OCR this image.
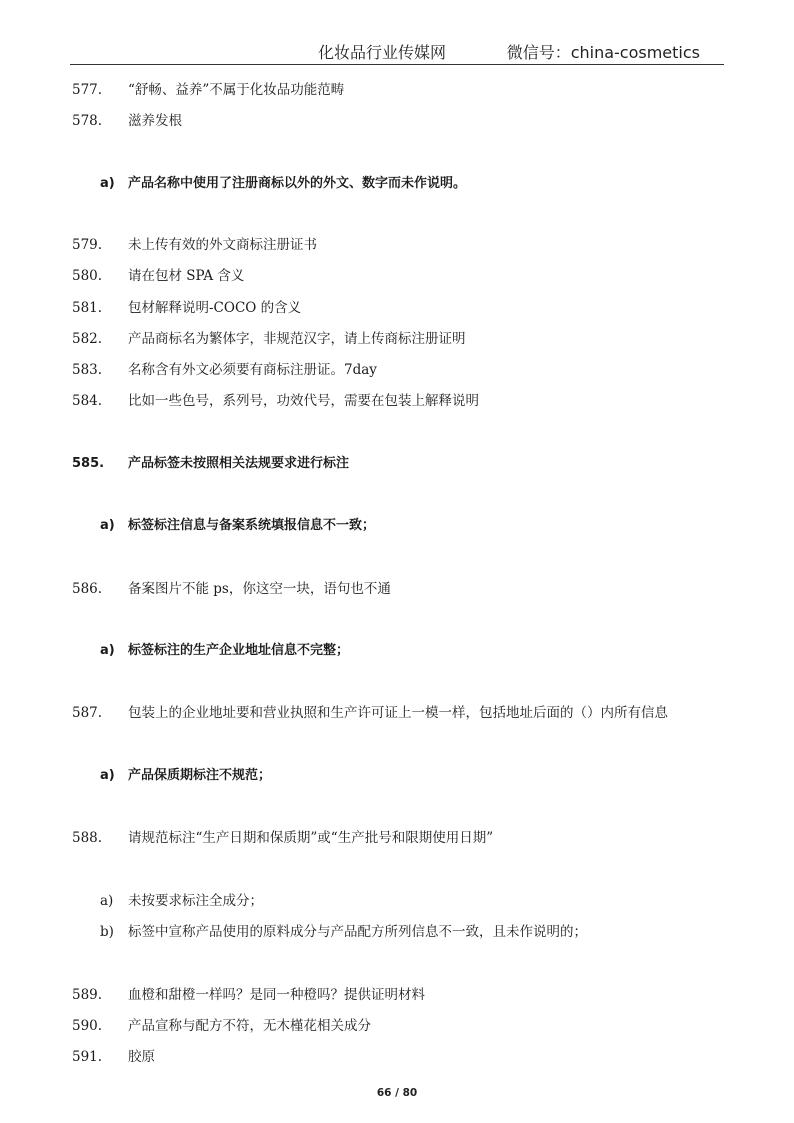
化妆品行业传媒网	微信号：china-cosmetics
577. “舒畅、益养”不属于化妆品功能范畴
578. 滋养发根
a) 产品名称中使用了注册商标以外的外文、数字而未作说明。
579. 未上传有效的外文商标注册证书
580. 请在包材 SPA 含义
581. 包材解释说明-COCO 的含义
582. 产品商标名为繁体字，非规范汉字，请上传商标注册证明
583. 名称含有外文必须要有商标注册证。7day
584. 比如一些色号，系列号，功效代号，需要在包装上解释说明
585. 产品标签未按照相关法规要求进行标注
a) 标签标注信息与备案系统填报信息不一致；
586. 备案图片不能 ps，你这空一块，语句也不通
a) 标签标注的生产企业地址信息不完整；
587. 包装上的企业地址要和营业执照和生产许可证上一模一样，包括地址后面的（）内所有信息
a) 产品保质期标注不规范；
588. 请规范标注“生产日期和保质期”或“生产批号和限期使用日期”
a) 未按要求标注全成分；
b) 标签中宣称产品使用的原料成分与产品配方所列信息不一致，且未作说明的；
589. 血橙和甜橙一样吗？是同一种橙吗？提供证明材料
590. 产品宣称与配方不符，无木槿花相关成分
591. 胶原
66 / 80
